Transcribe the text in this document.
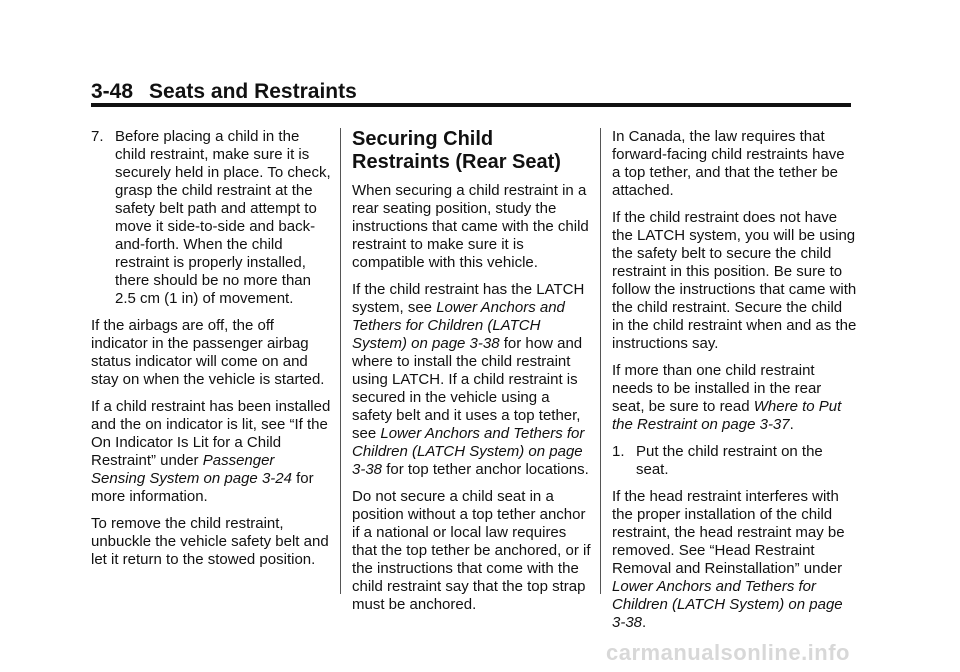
3-48 Seats and Restraints
7. Before placing a child in the child restraint, make sure it is securely held in place. To check, grasp the child restraint at the safety belt path and attempt to move it side-to-side and back-and-forth. When the child restraint is properly installed, there should be no more than 2.5 cm (1 in) of movement.

If the airbags are off, the off indicator in the passenger airbag status indicator will come on and stay on when the vehicle is started.

If a child restraint has been installed and the on indicator is lit, see “If the On Indicator Is Lit for a Child Restraint” under Passenger Sensing System on page 3-24 for more information.

To remove the child restraint, unbuckle the vehicle safety belt and let it return to the stowed position.

Securing Child Restraints (Rear Seat)

When securing a child restraint in a rear seating position, study the instructions that came with the child restraint to make sure it is compatible with this vehicle.

If the child restraint has the LATCH system, see Lower Anchors and Tethers for Children (LATCH System) on page 3-38 for how and where to install the child restraint using LATCH. If a child restraint is secured in the vehicle using a safety belt and it uses a top tether, see Lower Anchors and Tethers for Children (LATCH System) on page 3-38 for top tether anchor locations.

Do not secure a child seat in a position without a top tether anchor if a national or local law requires that the top tether be anchored, or if the instructions that come with the child restraint say that the top strap must be anchored.

In Canada, the law requires that forward-facing child restraints have a top tether, and that the tether be attached.

If the child restraint does not have the LATCH system, you will be using the safety belt to secure the child restraint in this position. Be sure to follow the instructions that came with the child restraint. Secure the child in the child restraint when and as the instructions say.

If more than one child restraint needs to be installed in the rear seat, be sure to read Where to Put the Restraint on page 3-37.

1. Put the child restraint on the seat.

If the head restraint interferes with the proper installation of the child restraint, the head restraint may be removed. See “Head Restraint Removal and Reinstallation” under Lower Anchors and Tethers for Children (LATCH System) on page 3-38.

carmanualsonline.info
